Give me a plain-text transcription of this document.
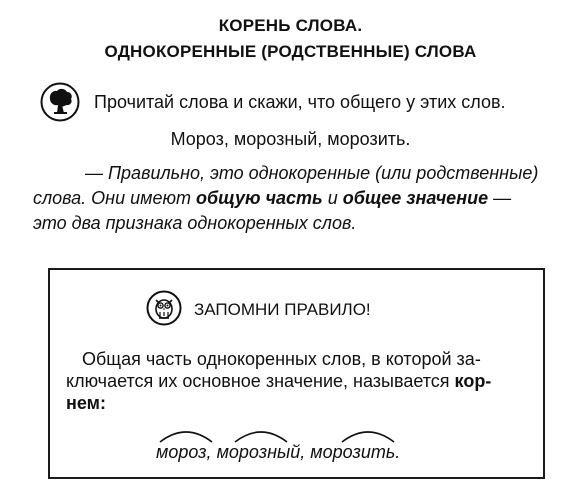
КОРЕНЬ СЛОВА.
ОДНОКОРЕННЫЕ (РОДСТВЕННЫЕ) СЛОВА
Прочитай слова и скажи, что общего у этих слов.
Мороз, морозный, морозить.
— Правильно, это однокоренные (или родственные)
слова. Они имеют общую часть и общее значение —
это два признака однокоренных слов.
ЗАПОМНИ ПРАВИЛО!
Общая часть однокоренных слов, в которой за-
ключается их основное значение, называется кор-
нем:
мороз, морозный, морозить.
